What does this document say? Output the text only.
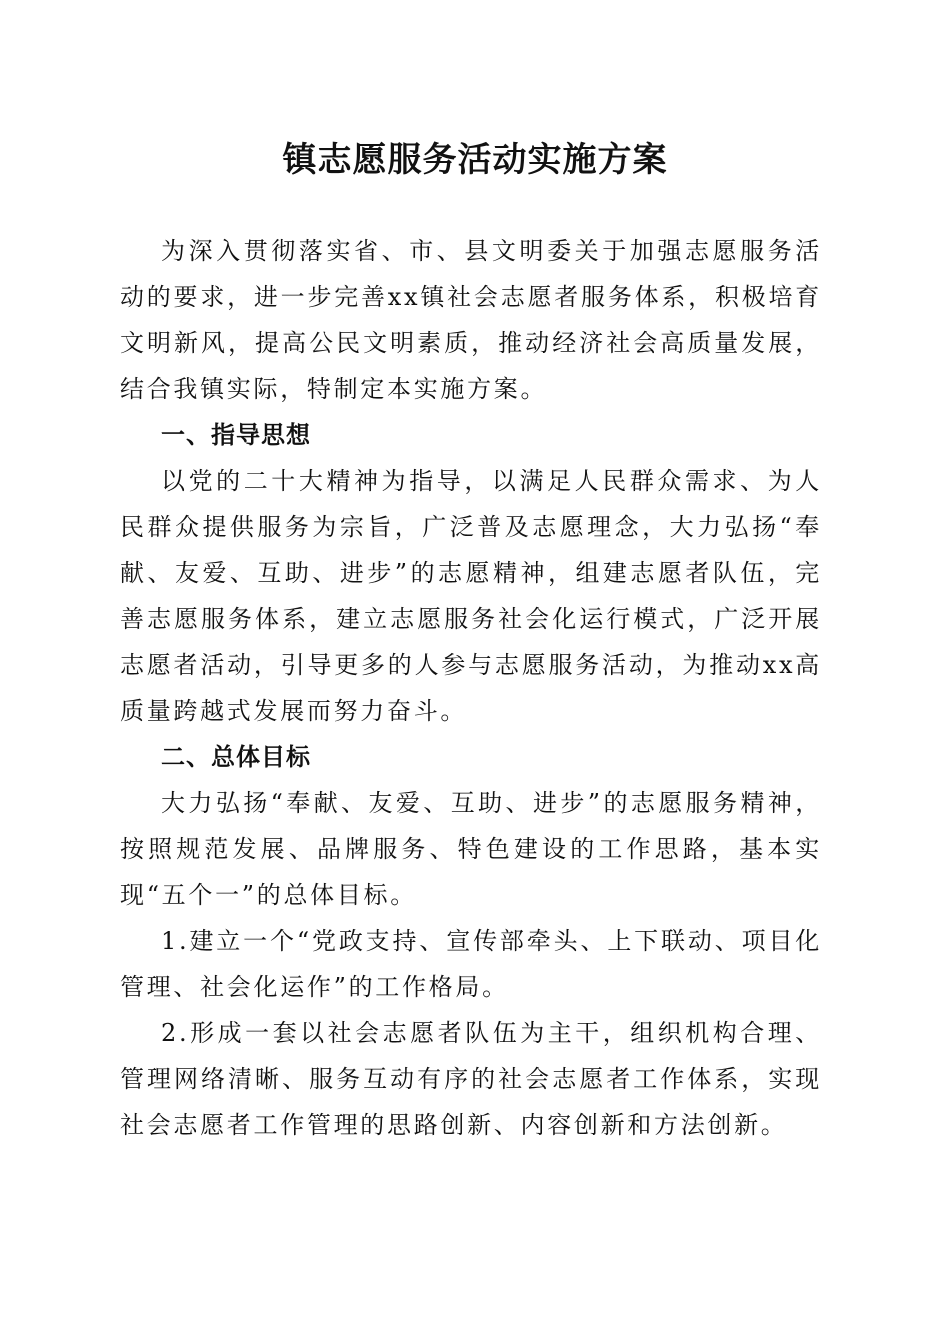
镇志愿服务活动实施方案

为深入贯彻落实省、市、县文明委关于加强志愿服务活动的要求，进一步完善xx镇社会志愿者服务体系，积极培育文明新风，提高公民文明素质，推动经济社会高质量发展，结合我镇实际，特制定本实施方案。

一、指导思想

以党的二十大精神为指导，以满足人民群众需求、为人民群众提供服务为宗旨，广泛普及志愿理念，大力弘扬“奉献、友爱、互助、进步”的志愿精神，组建志愿者队伍，完善志愿服务体系，建立志愿服务社会化运行模式，广泛开展志愿者活动，引导更多的人参与志愿服务活动，为推动xx高质量跨越式发展而努力奋斗。

二、总体目标

大力弘扬“奉献、友爱、互助、进步”的志愿服务精神，按照规范发展、品牌服务、特色建设的工作思路，基本实现“五个一”的总体目标。

1.建立一个“党政支持、宣传部牵头、上下联动、项目化管理、社会化运作”的工作格局。

2.形成一套以社会志愿者队伍为主干，组织机构合理、管理网络清晰、服务互动有序的社会志愿者工作体系，实现社会志愿者工作管理的思路创新、内容创新和方法创新。
